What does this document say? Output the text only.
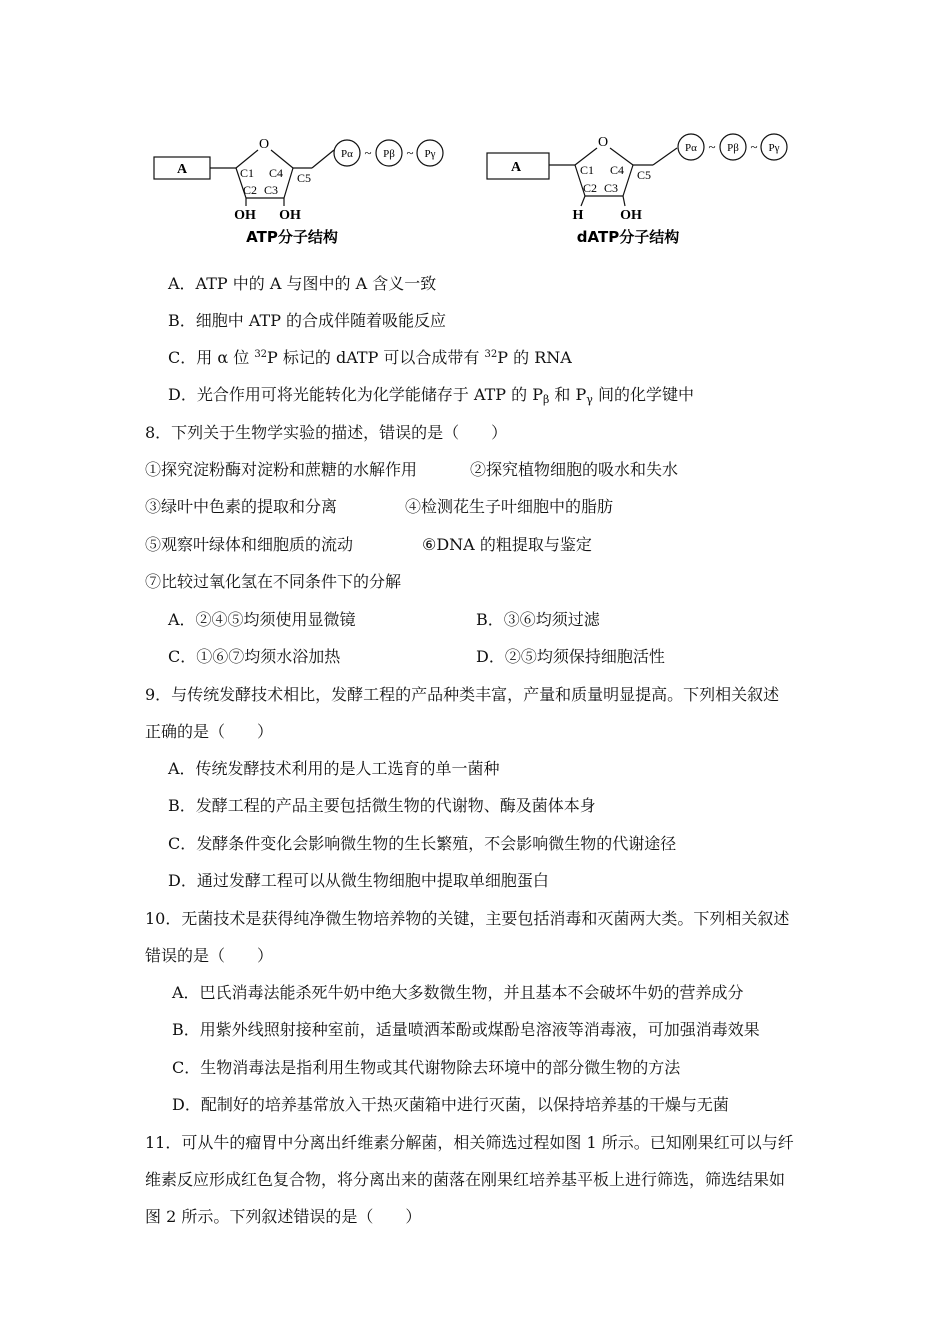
A
O
C1 C4
C2 C3
OH OH
C5
Pα ~ Pβ ~ Pγ
ATP分子结构
A
O
C1 C4
C2 C3
H	OH
C5
Pα ~ Pβ ~ Pγ
dATP分子结构
A．ATP 中的 A 与图中的 A 含义一致
B．细胞中 ATP 的合成伴随着吸能反应
C．用 α 位 $^{32}$P 标记的 dATP 可以合成带有 $^{32}$P 的 RNA
D．光合作用可将光能转化为化学能储存于 ATP 的 $P_\beta$ 和 $P_\gamma$ 间的化学键中
8．下列关于生物学实验的描述，错误的是（　　）
①探究淀粉酶对淀粉和蔗糖的水解作用	②探究植物细胞的吸水和失水
③绿叶中色素的提取和分离	④检测花生子叶细胞中的脂肪
⑤观察叶绿体和细胞质的流动	⑥DNA 的粗提取与鉴定
⑦比较过氧化氢在不同条件下的分解
A．②④⑤均须使用显微镜	B．③⑥均须过滤
C．①⑥⑦均须水浴加热	D．②⑤均须保持细胞活性
9．与传统发酵技术相比，发酵工程的产品种类丰富，产量和质量明显提高。下列相关叙述
正确的是（　　）
A．传统发酵技术利用的是人工选育的单一菌种
B．发酵工程的产品主要包括微生物的代谢物、酶及菌体本身
C．发酵条件变化会影响微生物的生长繁殖，不会影响微生物的代谢途径
D．通过发酵工程可以从微生物细胞中提取单细胞蛋白
10．无菌技术是获得纯净微生物培养物的关键，主要包括消毒和灭菌两大类。下列相关叙述
错误的是（　　）
A．巴氏消毒法能杀死牛奶中绝大多数微生物，并且基本不会破坏牛奶的营养成分
B．用紫外线照射接种室前，适量喷洒苯酚或煤酚皂溶液等消毒液，可加强消毒效果
C．生物消毒法是指利用生物或其代谢物除去环境中的部分微生物的方法
D．配制好的培养基常放入干热灭菌箱中进行灭菌，以保持培养基的干燥与无菌
11．可从牛的瘤胃中分离出纤维素分解菌，相关筛选过程如图 1 所示。已知刚果红可以与纤
维素反应形成红色复合物，将分离出来的菌落在刚果红培养基平板上进行筛选，筛选结果如
图 2 所示。下列叙述错误的是（　　）
